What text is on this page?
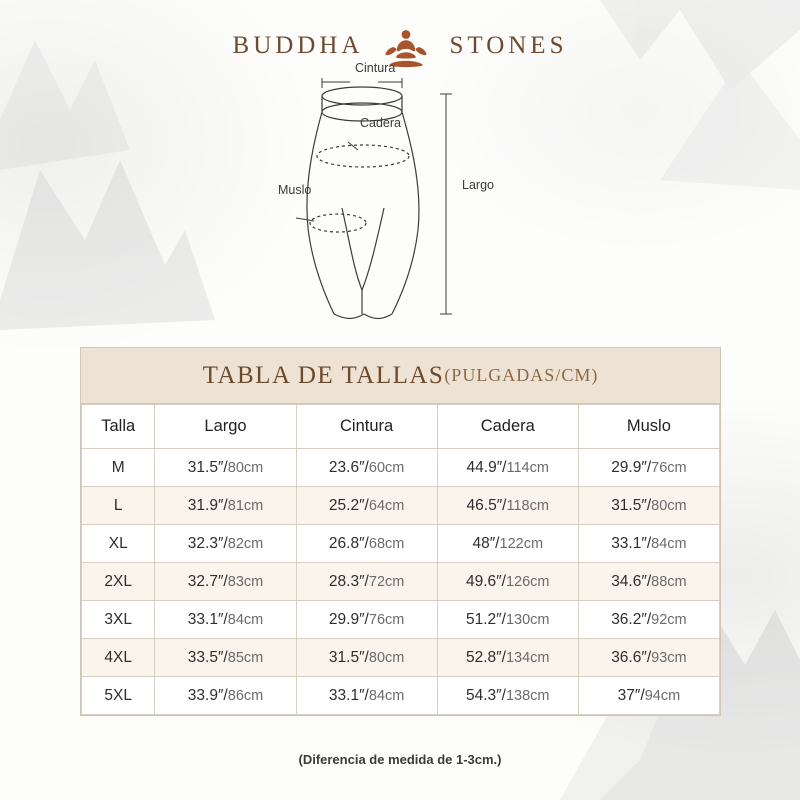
BUDDHA	STONES
Cintura
Cadera
Muslo	Largo
TABLA DE TALLAS (PULGADAS/CM)
Talla	Largo	Cintura	Cadera	Muslo
M	31.5″/80cm	23.6″/60cm	44.9″/114cm	29.9″/76cm
L	31.9″/81cm	25.2″/64cm	46.5″/118cm	31.5″/80cm
XL	32.3″/82cm	26.8″/68cm	48″/122cm	33.1″/84cm
2XL	32.7″/83cm	28.3″/72cm	49.6″/126cm	34.6″/88cm
3XL	33.1″/84cm	29.9″/76cm	51.2″/130cm	36.2″/92cm
4XL	33.5″/85cm	31.5″/80cm	52.8″/134cm	36.6″/93cm
5XL	33.9″/86cm	33.1″/84cm	54.3″/138cm	37″/94cm
(Diferencia de medida de 1-3cm.)
